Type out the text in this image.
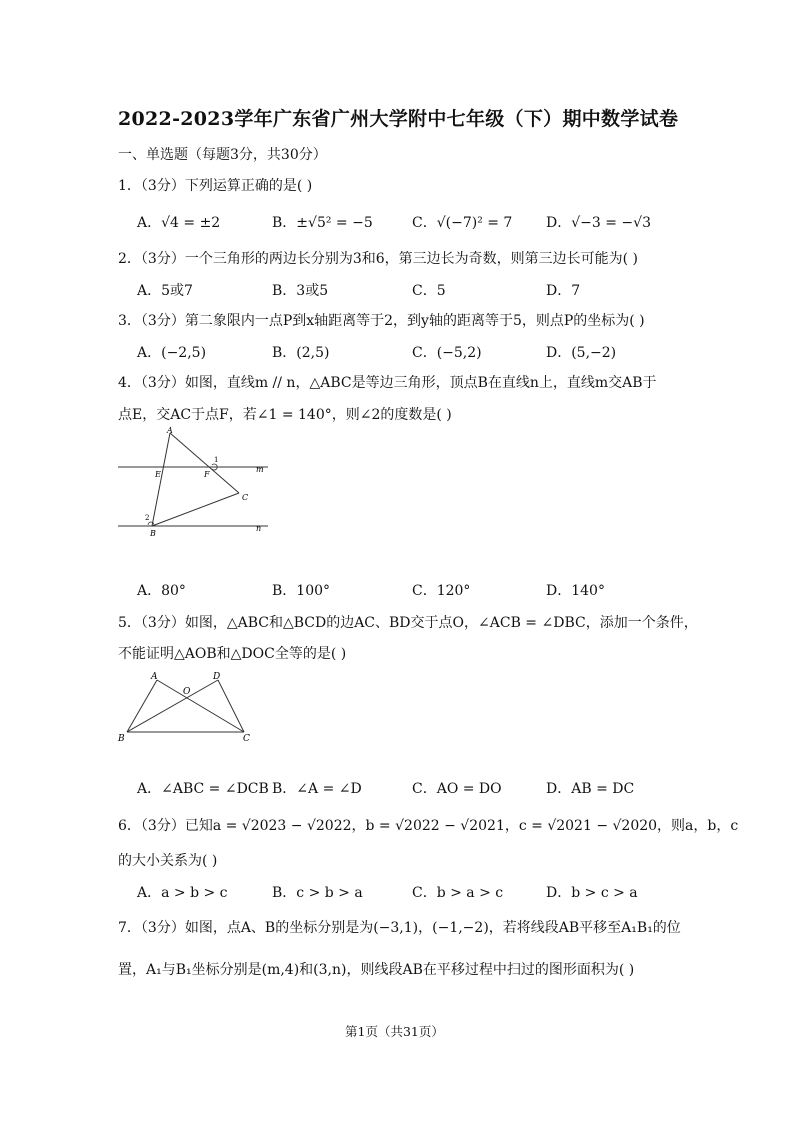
2022-2023学年广东省广州大学附中七年级（下）期中数学试卷
一、单选题（每题3分，共30分）
1．（3分）下列运算正确的是( )
A．√4 = ±2	B．±√5² = −5	C．√(−7)² = 7 D．√−3 = −√3
2．（3分）一个三角形的两边长分别为3和6，第三边长为奇数，则第三边长可能为( )
A．5或7	B．3或5	C．5	D．7
3．（3分）第二象限内一点P到x轴距离等于2，到y轴的距离等于5，则点P的坐标为( )
A．(−2,5)	B．(2,5)	C．(−5,2)	D．(5,−2)
4．（3分）如图，直线m // n，△ABC是等边三角形，顶点B在直线n上，直线m交AB于
点E，交AC于点F，若∠1 = 140°，则∠2的度数是( )
A
E	F
1
m
C
2
B
n
A．80°	B．100°	C．120°	D．140°
5．（3分）如图，△ABC和△BCD的边AC、BD交于点O，∠ACB = ∠DBC，添加一个条件，
不能证明△AOB和△DOC全等的是( )
A
O
D
B	C
A．∠ABC = ∠DCB B．∠A = ∠D	C．AO = DO	D．AB = DC
6．（3分）已知a = √2023 − √2022，b = √2022 − √2021，c = √2021 − √2020，则a，b，c
的大小关系为( )
A．a > b > c	B．c > b > a	C．b > a > c	D．b > c > a
7．（3分）如图，点A、B的坐标分别是为(−3,1)，(−1,−2)，若将线段AB平移至A₁B₁的位
置，A₁与B₁坐标分别是(m,4)和(3,n)，则线段AB在平移过程中扫过的图形面积为( )
第1页（共31页）
